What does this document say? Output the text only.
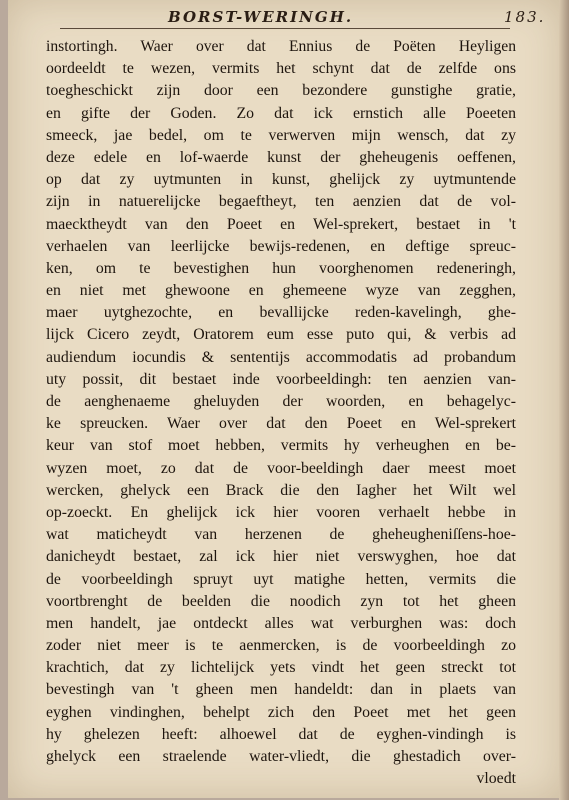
BORST-WERINGH.	183.
instortingh. Waer over dat Ennius de Poëten Heyligen
oordeeldt te wezen, vermits het schynt dat de zelfde ons
toegheschickt zijn door een bezondere gunstighe gratie,
en gifte der Goden. Zo dat ick ernstich alle Poeeten
smeeck, jae bedel, om te verwerven mijn wensch, dat zy
deze edele en lof-waerde kunst der gheheugenis oeffenen,
op dat zy uytmunten in kunst, ghelijck zy uytmuntende
zijn in natuerelijcke begaeftheyt, ten aenzien dat de vol-
maecktheydt van den Poeet en Wel-sprekert, bestaet in 't
verhaelen van leerlijcke bewijs-redenen, en deftige spreuc-
ken, om te bevestighen hun voorghenomen redeneringh,
en niet met ghewoone en ghemeene wyze van zegghen,
maer uytghezochte, en bevallijcke reden-kavelingh, ghe-
lijck Cicero zeydt, Oratorem eum esse puto qui, & verbis ad
audiendum iocundis & sententijs accommodatis ad probandum
uty possit, dit bestaet inde voorbeeldingh: ten aenzien van-
de aenghenaeme gheluyden der woorden, en behagelyc-
ke spreucken. Waer over dat den Poeet en Wel-sprekert
keur van stof moet hebben, vermits hy verheughen en be-
wyzen moet, zo dat de voor-beeldingh daer meest moet
wercken, ghelyck een Brack die den Iagher het Wilt wel
op-zoeckt. En ghelijck ick hier vooren verhaelt hebbe in
wat maticheydt van herzenen de gheheugheniſſens-hoe-
danicheydt bestaet, zal ick hier niet verswyghen, hoe dat
de voorbeeldingh spruyt uyt matighe hetten, vermits die
voortbrenght de beelden die noodich zyn tot het gheen
men handelt, jae ontdeckt alles wat verburghen was: doch
zoder niet meer is te aenmercken, is de voorbeeldingh zo
krachtich, dat zy lichtelijck yets vindt het geen streckt tot
bevestingh van 't gheen men handeldt: dan in plaets van
eyghen vindinghen, behelpt zich den Poeet met het geen
hy ghelezen heeft: alhoewel dat de eyghen-vindingh is
ghelyck een straelende water-vliedt, die ghestadich over-
vloedt
